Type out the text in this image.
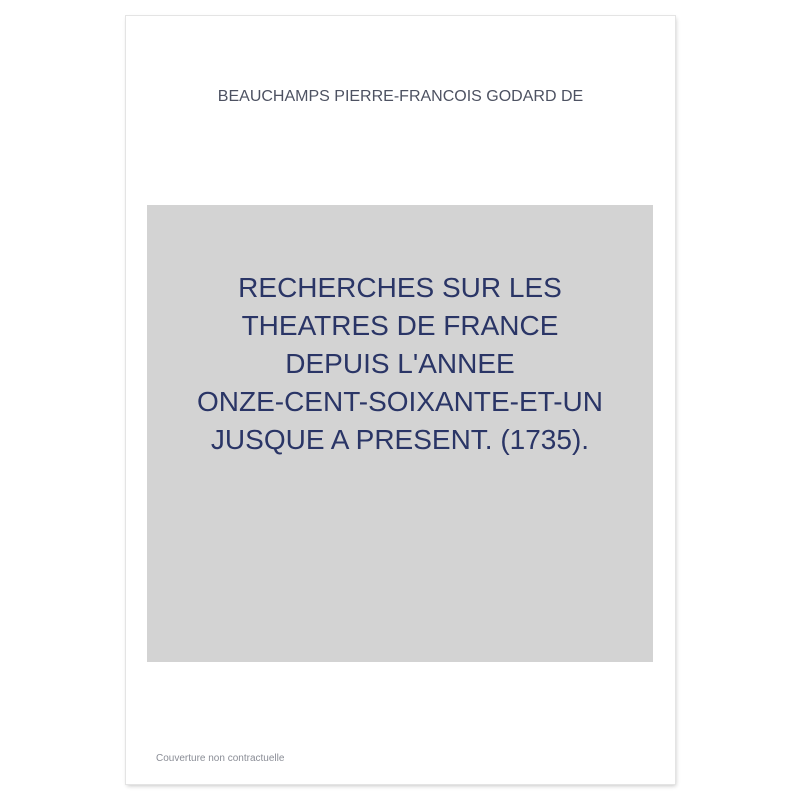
BEAUCHAMPS PIERRE-FRANCOIS GODARD DE
RECHERCHES SUR LES
THEATRES DE FRANCE
DEPUIS L'ANNEE
ONZE-CENT-SOIXANTE-ET-UN
JUSQUE A PRESENT. (1735).
Couverture non contractuelle
